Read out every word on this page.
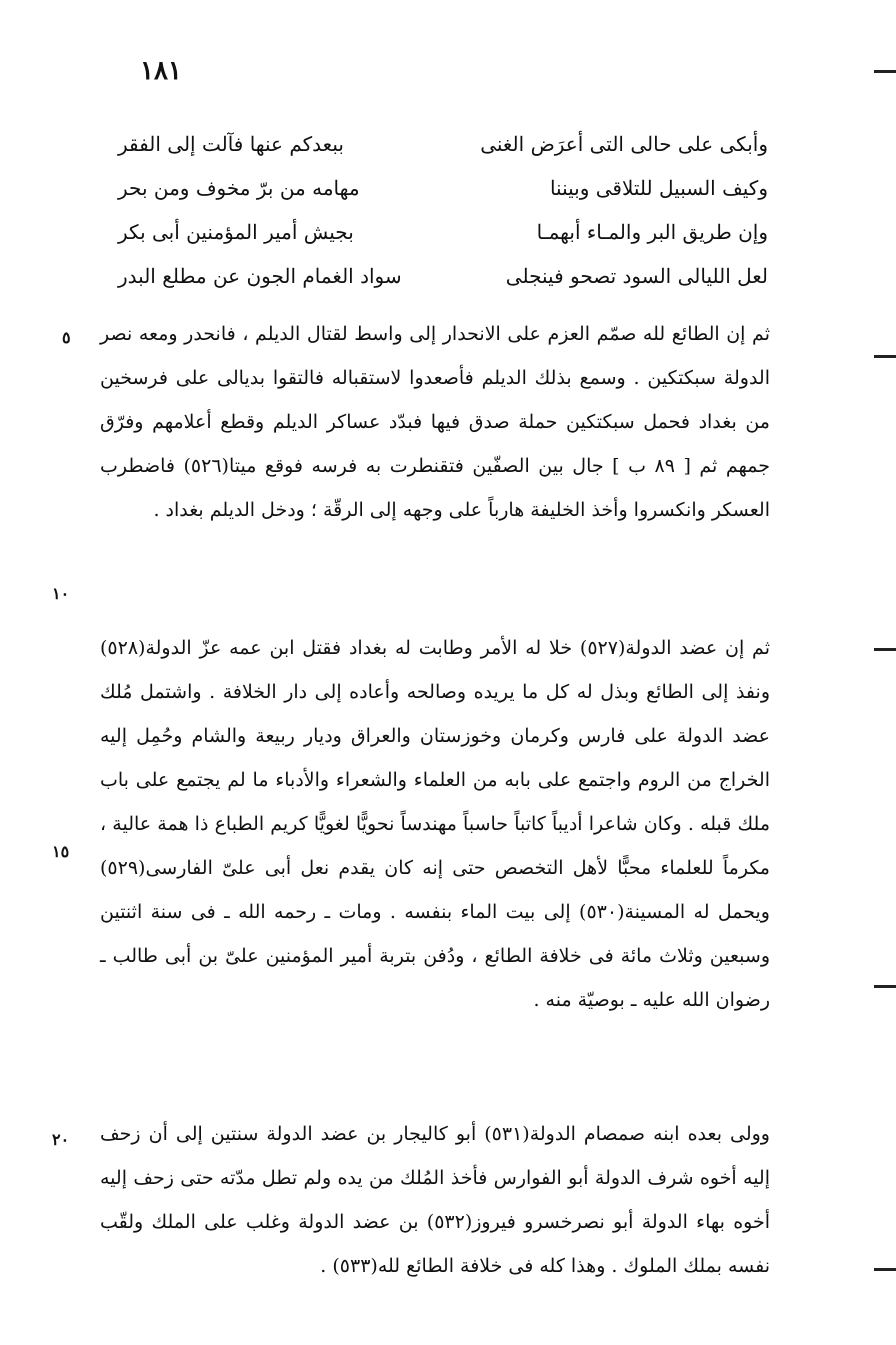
١٨١
وأبكى على حالى التى أعرَض الغنى
ببعدكم عنها فآلت إلى الفقر
وكيف السبيل للتلاقى وبيننا
مهامه من برّ مخوف ومن بحر
وإن طريق البر والمـاء أبهمـا
بجيش أمير المؤمنين أبى بكر
لعل الليالى السود تصحو فينجلى
سواد الغمام الجون عن مطلع البدر

ثم إن الطائع لله صمّم العزم على الانحدار إلى واسط لقتال الديلم ، فانحدر ومعه نصر الدولة سبكتكين . وسمع بذلك الديلم فأصعدوا لاستقباله فالتقوا بديالى على فرسخين من بغداد فحمل سبكتكين حملة صدق فيها فبدّد عساكر الديلم وقطع أعلامهم وفرّق جمهم ثم [ ٨٩ ب ] جال بين الصفّين فتقنطرت به فرسه فوقع ميتا(٥٢٦) فاضطرب العسكر وانكسروا وأخذ الخليفة هارباً على وجهه إلى الرقّة ؛ ودخل الديلم بغداد .

ثم إن عضد الدولة(٥٢٧) خلا له الأمر وطابت له بغداد فقتل ابن عمه عزّ الدولة(٥٢٨) ونفذ إلى الطائع وبذل له كل ما يريده وصالحه وأعاده إلى دار الخلافة . واشتمل مُلك عضد الدولة على فارس وكرمان وخوزستان والعراق وديار ربيعة والشام وحُمِل إليه الخراج من الروم واجتمع على بابه من العلماء والشعراء والأدباء ما لم يجتمع على باب ملك قبله . وكان شاعرا أديباً كاتباً حاسباً مهندساً نحويًّا لغويًّا كريم الطباع ذا همة عالية ، مكرماً للعلماء محبًّا لأهل التخصص حتى إنه كان يقدم نعل أبى علىّ الفارسى(٥٢٩) ويحمل له المسينة(٥٣٠) إلى بيت الماء بنفسه . ومات ـ رحمه الله ـ فى سنة اثنتين وسبعين وثلاث مائة فى خلافة الطائع ، ودُفن بتربة أمير المؤمنين علىّ بن أبى طالب ـ رضوان الله عليه ـ بوصيّة منه .

وولى بعده ابنه صمصام الدولة(٥٣١) أبو كاليجار بن عضد الدولة سنتين إلى أن زحف إليه أخوه شرف الدولة أبو الفوارس فأخذ المُلك من يده ولم تطل مدّته حتى زحف إليه أخوه بهاء الدولة أبو نصرخسرو فيروز(٥٣٢) بن عضد الدولة وغلب على الملك ولقّب نفسه بملك الملوك . وهذا كله فى خلافة الطائع لله(٥٣٣) .

٥
١٠
١٥
٢٠
